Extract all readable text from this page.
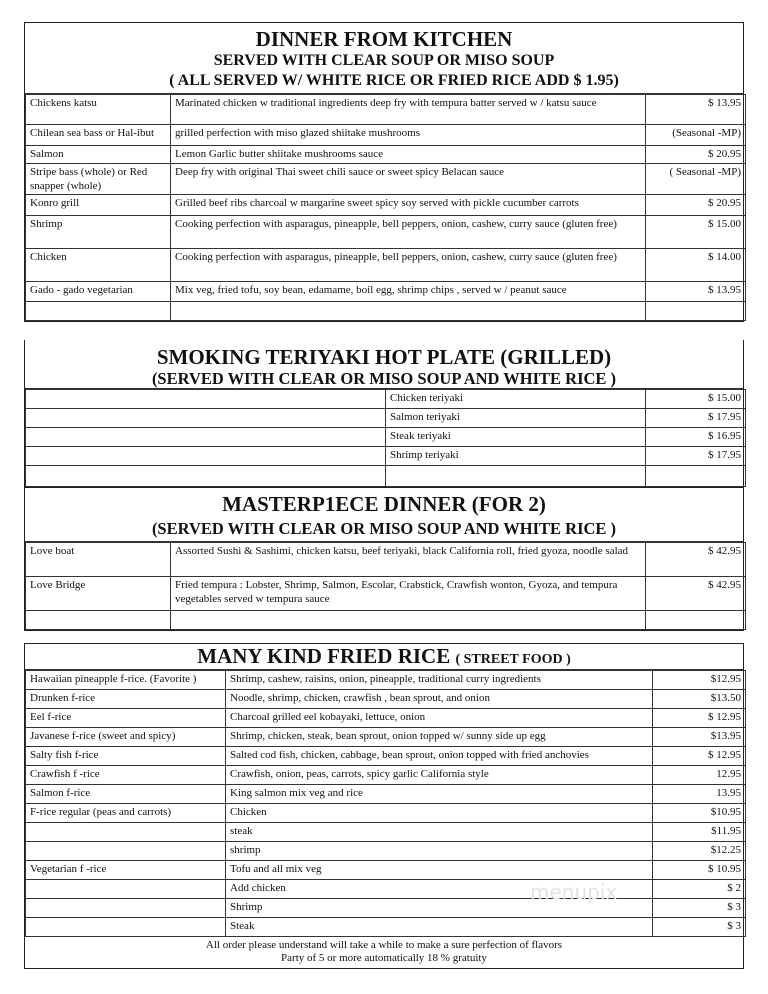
DINNER FROM KITCHEN
SERVED WITH CLEAR SOUP OR MISO SOUP
( ALL SERVED W/ WHITE RICE OR FRIED RICE ADD $ 1.95)
Chickens katsu	Marinated chicken w traditional ingredients deep fry with tempura batter served w / katsu sauce	$ 13.95
Chilean sea bass or Hal-ibut	grilled perfection with miso glazed shiitake mushrooms	(Seasonal -MP)
Salmon	Lemon Garlic butter shiitake mushrooms sauce	$ 20.95
Stripe bass (whole) or Red snapper (whole)	Deep fry with original Thai sweet chili sauce or sweet spicy Belacan sauce	( Seasonal -MP)
Konro grill	Grilled beef ribs charcoal w margarine sweet spicy soy served with pickle cucumber carrots	$ 20.95
Shrimp	Cooking perfection with asparagus, pineapple, bell peppers, onion, cashew, curry sauce (gluten free)	$ 15.00
Chicken	Cooking perfection with asparagus, pineapple, bell peppers, onion, cashew, curry sauce (gluten free)	$ 14.00
Gado - gado vegetarian	Mix veg, fried tofu, soy bean, edamame, boil egg, shrimp chips , served w / peanut sauce	$ 13.95

SMOKING TERIYAKI HOT PLATE (GRILLED)
(SERVED WITH CLEAR OR MISO SOUP AND WHITE RICE )
	Chicken teriyaki	$ 15.00
	Salmon teriyaki	$ 17.95
	Steak teriyaki	$ 16.95
	Shrimp teriyaki	$ 17.95

MASTERP1ECE DINNER (FOR 2)
(SERVED WITH CLEAR OR MISO SOUP AND WHITE RICE )
Love boat	Assorted Sushi & Sashimi, chicken katsu, beef teriyaki, black California roll, fried gyoza, noodle salad	$ 42.95
Love Bridge	Fried tempura : Lobster, Shrimp, Salmon, Escolar, Crabstick, Crawfish wonton, Gyoza, and tempura vegetables served w tempura sauce	$ 42.95

MANY KIND FRIED RICE ( STREET FOOD )
Hawaiian pineapple f-rice. (Favorite )	Shrimp, cashew, raisins, onion, pineapple, traditional curry ingredients	$12.95
Drunken f-rice	Noodle, shrimp, chicken, crawfish , bean sprout, and onion	$13.50
Eel f-rice	Charcoal grilled eel kobayaki, lettuce, onion	$ 12.95
Javanese f-rice (sweet and spicy)	Shrimp, chicken, steak, bean sprout, onion topped w/ sunny side up egg	$13.95
Salty fish f-rice	Salted cod fish, chicken, cabbage, bean sprout, onion topped with fried anchovies	$ 12.95
Crawfish f -rice	Crawfish, onion, peas, carrots, spicy garlic California style	12.95
Salmon f-rice	King salmon mix veg and rice	13.95
F-rice regular (peas and carrots)	Chicken	$10.95
	steak	$11.95
	shrimp	$12.25
Vegetarian f -rice	Tofu and all mix veg	$ 10.95
	Add chicken	$ 2
	Shrimp	$ 3
	Steak	$ 3
All order please understand will take a while to make a sure perfection of flavors
Party of 5 or more automatically 18 % gratuity
menupix
